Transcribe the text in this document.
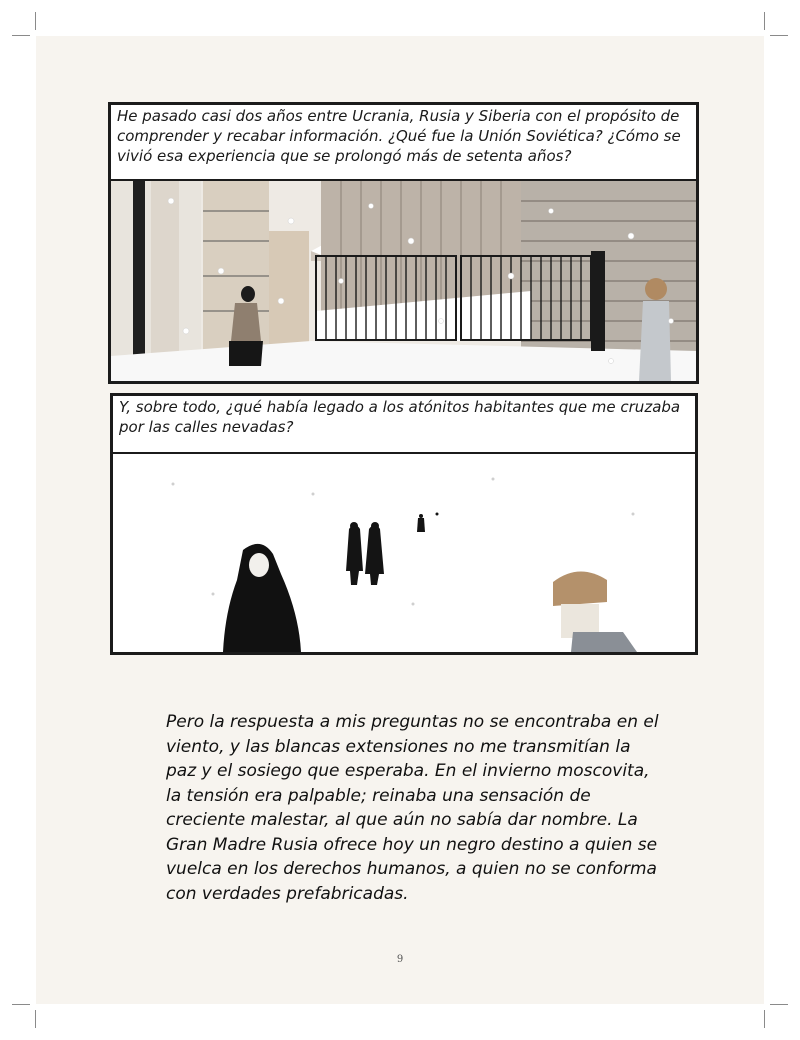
He pasado casi dos años entre Ucrania, Rusia y Siberia con el propósito de comprender y recabar información. ¿Qué fue la Unión Soviética? ¿Cómo se vivió esa experiencia que se prolongó más de setenta años?
Y, sobre todo, ¿qué había legado a los atónitos habitantes que me cruzaba por las calles nevadas?

Pero la respuesta a mis preguntas no se encontraba en el viento, y las blancas extensiones no me transmitían la paz y el sosiego que esperaba. En el invierno moscovita, la tensión era palpable; reinaba una sensación de creciente malestar, al que aún no sabía dar nombre. La Gran Madre Rusia ofrece hoy un negro destino a quien se vuelca en los derechos humanos, a quien no se conforma con verdades prefabricadas.

9
